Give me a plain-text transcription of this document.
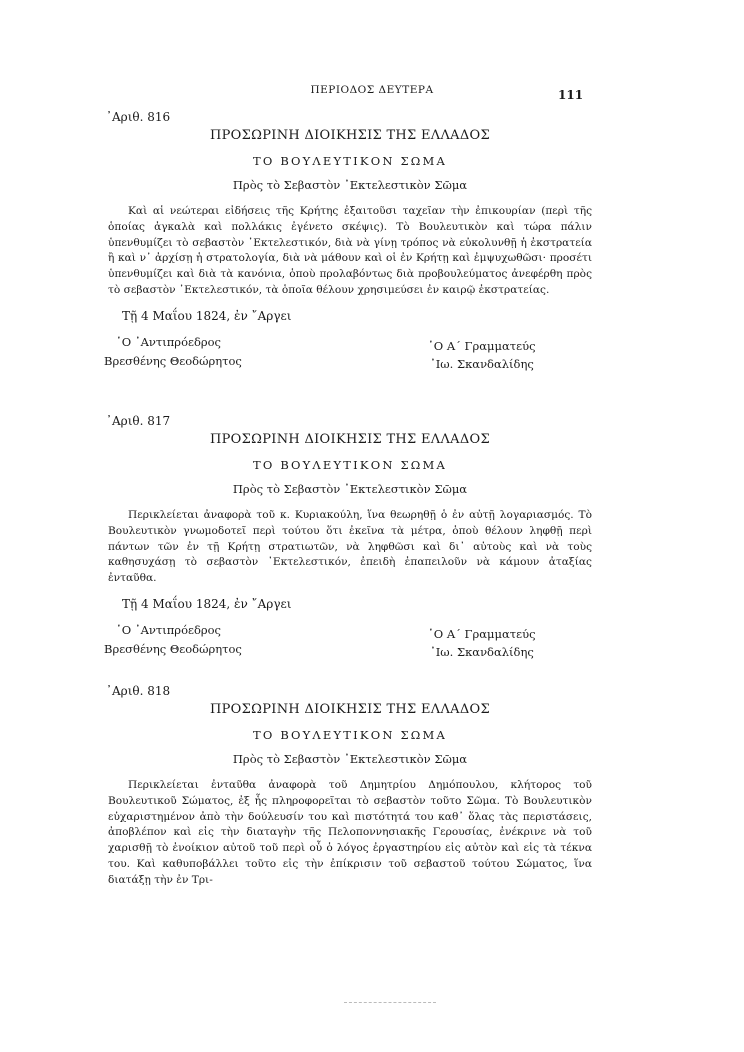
ΠΕΡΙΟΔΟΣ ΔΕΥΤΕΡΑ	111
᾿Αριθ. 816
ΠΡΟΣΩΡΙΝΗ ΔΙΟΙΚΗΣΙΣ ΤΗΣ ΕΛΛΑΔΟΣ
ΤΟ ΒΟΥΛΕΥΤΙΚΟΝ ΣΩΜΑ
Πρὸς τὸ Σεβαστὸν ᾿Εκτελεστικὸν Σῶμα
Καὶ αἱ νεώτεραι εἰδήσεις τῆς Κρήτης ἐξαιτοῦσι ταχεῖαν τὴν ἐπικουρίαν (περὶ τῆς ὁποίας ἀγκαλὰ καὶ πολλάκις ἐγένετο σκέψις). Τὸ Βουλευτικὸν καὶ τώρα πάλιν ὑπενθυμίζει τὸ σεβαστὸν ᾿Εκτελεστικόν, διὰ νὰ γίνῃ τρόπος νὰ εὐκολυνθῇ ἡ ἐκστρατεία ἢ καὶ ν᾿ ἀρχίσῃ ἡ στρατολογία, διὰ νὰ μάθουν καὶ οἱ ἐν Κρήτῃ καὶ ἐμψυχωθῶσι· προσέτι ὑπενθυμίζει καὶ διὰ τὰ κανόνια, ὁποὺ προλαβόντως διὰ προβουλεύματος ἀνεφέρθη πρὸς τὸ σεβαστὸν ᾿Εκτελεστικόν, τὰ ὁποῖα θέλουν χρησιμεύσει ἐν καιρῷ ἐκστρατείας.
Τῇ 4 Μαΐου 1824, ἐν ῎Αργει
῾Ο ᾿Αντιπρόεδρος
Βρεσθένης Θεοδώρητος
῾Ο Α΄ Γραμματεύς
᾿Ιω. Σκανδαλίδης
᾿Αριθ. 817
ΠΡΟΣΩΡΙΝΗ ΔΙΟΙΚΗΣΙΣ ΤΗΣ ΕΛΛΑΔΟΣ
ΤΟ ΒΟΥΛΕΥΤΙΚΟΝ ΣΩΜΑ
Πρὸς τὸ Σεβαστὸν ᾿Εκτελεστικὸν Σῶμα
Περικλείεται ἀναφορὰ τοῦ κ. Κυριακούλη, ἵνα θεωρηθῇ ὁ ἐν αὐτῇ λογαριασμός. Τὸ Βουλευτικὸν γνωμοδοτεῖ περὶ τούτου ὅτι ἐκεῖνα τὰ μέτρα, ὁποὺ θέλουν ληφθῇ περὶ πάντων τῶν ἐν τῇ Κρήτῃ στρατιωτῶν, νὰ ληφθῶσι καὶ δι᾿ αὐτοὺς καὶ νὰ τοὺς καθησυχάσῃ τὸ σεβαστὸν ᾿Εκτελεστικόν, ἐπειδὴ ἐπαπειλοῦν νὰ κάμουν ἀταξίας ἐνταῦθα.
Τῇ 4 Μαΐου 1824, ἐν ῎Αργει
῾Ο ᾿Αντιπρόεδρος
Βρεσθένης Θεοδώρητος
῾Ο Α΄ Γραμματεύς
᾿Ιω. Σκανδαλίδης
᾿Αριθ. 818
ΠΡΟΣΩΡΙΝΗ ΔΙΟΙΚΗΣΙΣ ΤΗΣ ΕΛΛΑΔΟΣ
ΤΟ ΒΟΥΛΕΥΤΙΚΟΝ ΣΩΜΑ
Πρὸς τὸ Σεβαστὸν ᾿Εκτελεστικὸν Σῶμα
Περικλείεται ἐνταῦθα ἀναφορὰ τοῦ Δημητρίου Δημόπουλου, κλήτορος τοῦ Βουλευτικοῦ Σώματος, ἐξ ἧς πληροφορεῖται τὸ σεβαστὸν τοῦτο Σῶμα. Τὸ Βουλευτικὸν εὐχαριστημένον ἀπὸ τὴν δούλευσίν του καὶ πιστότητά του καθ᾿ ὅλας τὰς περιστάσεις, ἀποβλέπον καὶ εἰς τὴν διαταγὴν τῆς Πελοποννησιακῆς Γερουσίας, ἐνέκρινε νὰ τοῦ χαρισθῇ τὸ ἐνοίκιον αὐτοῦ τοῦ περὶ οὗ ὁ λόγος ἐργαστηρίου εἰς αὐτὸν καὶ εἰς τὰ τέκνα του. Καὶ καθυποβάλλει τοῦτο εἰς τὴν ἐπίκρισιν τοῦ σεβαστοῦ τούτου Σώματος, ἵνα διατάξῃ τὴν ἐν Τρι-
